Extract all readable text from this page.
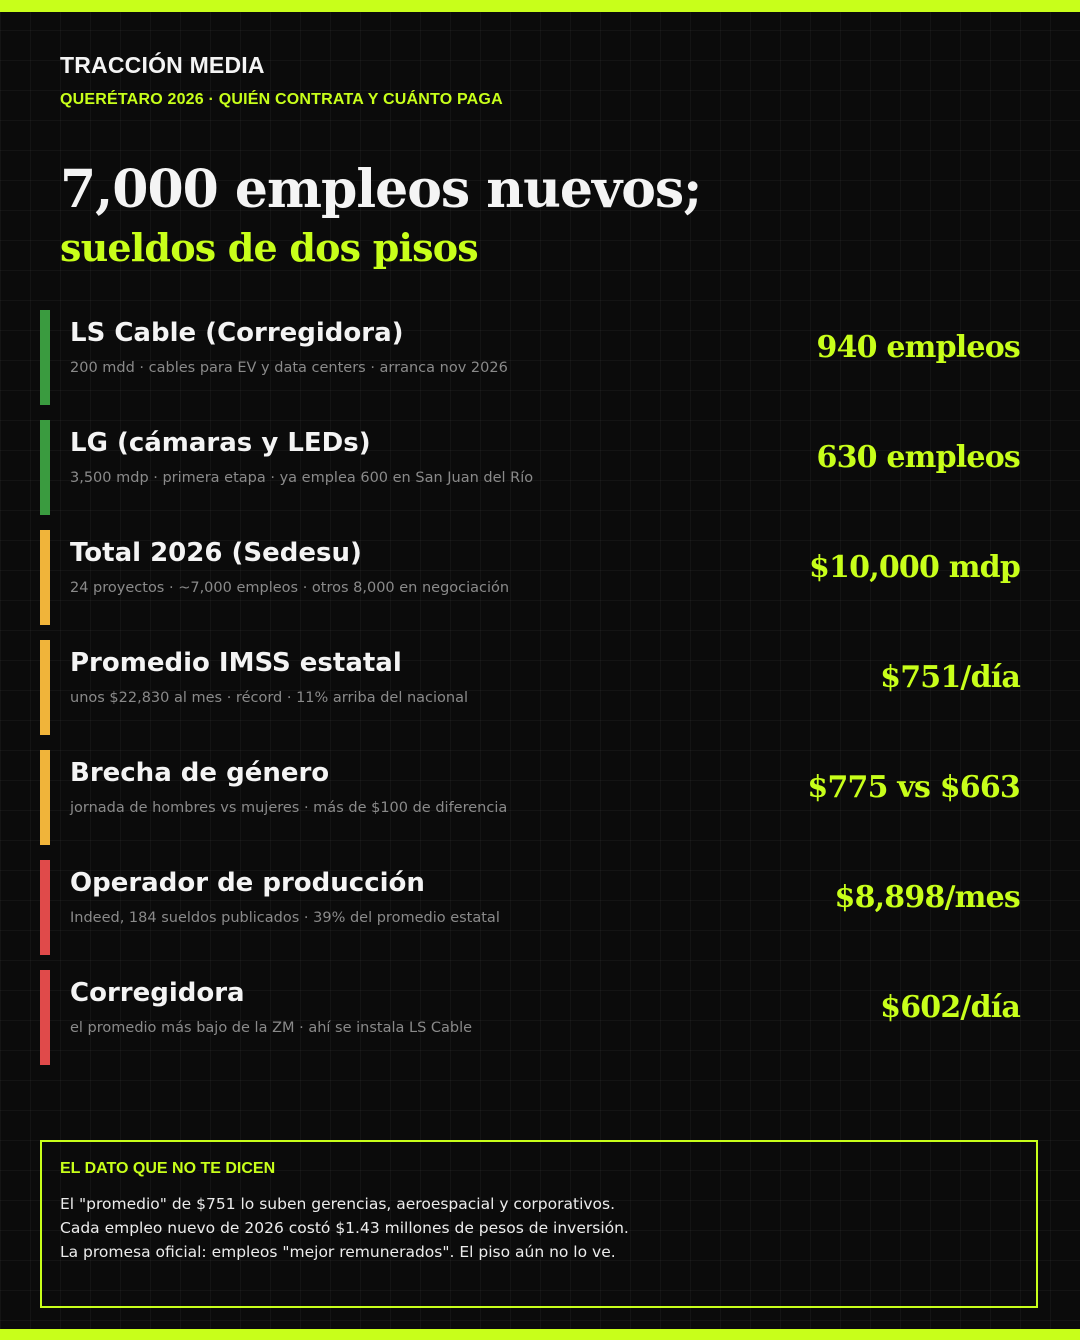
TRACCIÓN MEDIA
QUERÉTARO 2026 · QUIÉN CONTRATA Y CUÁNTO PAGA
7,000 empleos nuevos;
sueldos de dos pisos
LS Cable (Corregidora)
200 mdd · cables para EV y data centers · arranca nov 2026
940 empleos
LG (cámaras y LEDs)
3,500 mdp · primera etapa · ya emplea 600 en San Juan del Río
630 empleos
Total 2026 (Sedesu)
24 proyectos · ~7,000 empleos · otros 8,000 en negociación
$10,000 mdp
Promedio IMSS estatal
unos $22,830 al mes · récord · 11% arriba del nacional
$751/día
Brecha de género
jornada de hombres vs mujeres · más de $100 de diferencia
$775 vs $663
Operador de producción
Indeed, 184 sueldos publicados · 39% del promedio estatal
$8,898/mes
Corregidora
el promedio más bajo de la ZM · ahí se instala LS Cable
$602/día
EL DATO QUE NO TE DICEN
El "promedio" de $751 lo suben gerencias, aeroespacial y corporativos.
Cada empleo nuevo de 2026 costó $1.43 millones de pesos de inversión.
La promesa oficial: empleos "mejor remunerados". El piso aún no lo ve.
